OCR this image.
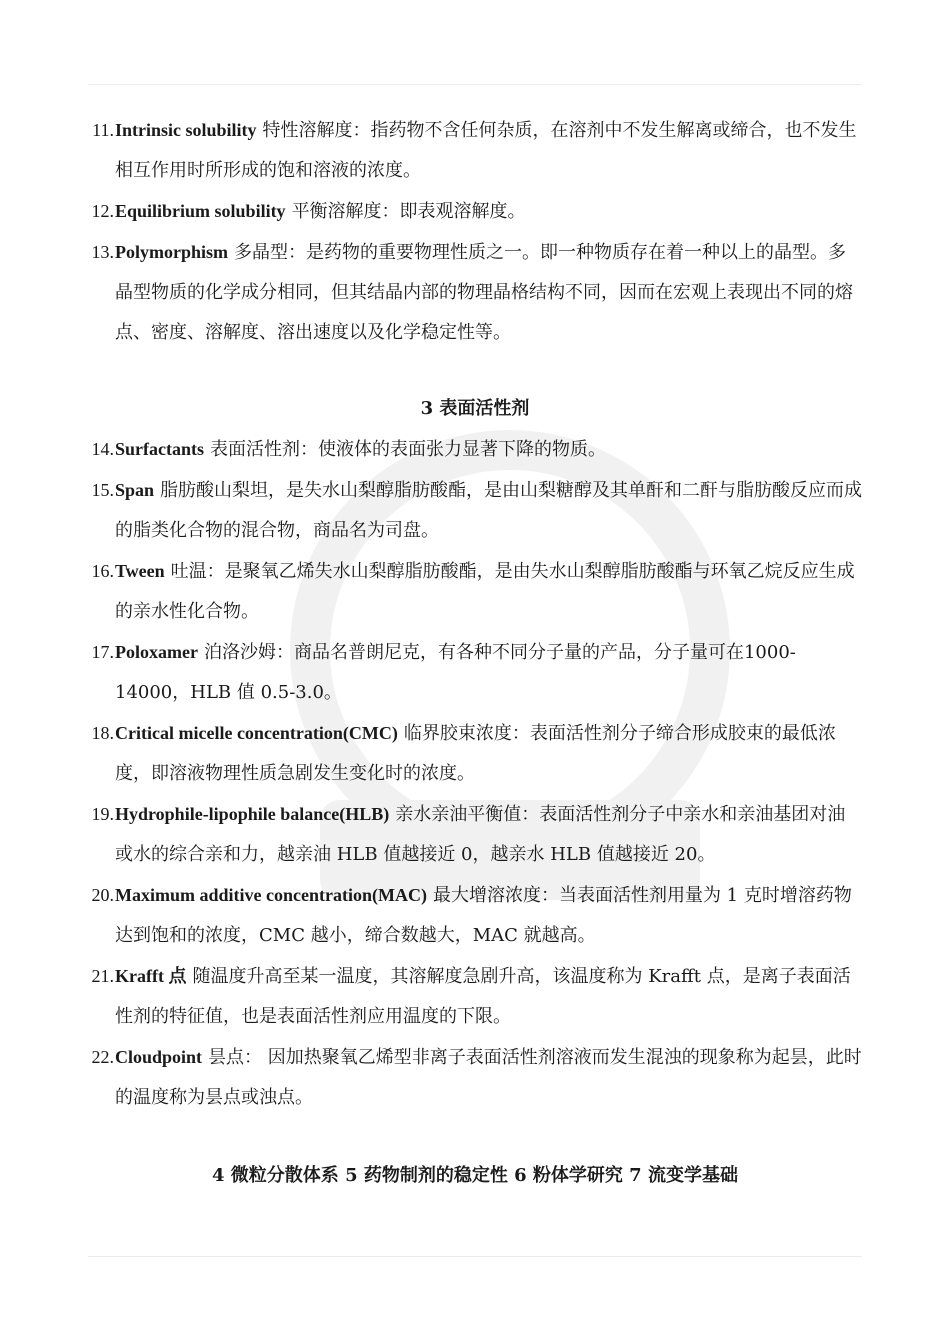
11. Intrinsic solubility 特性溶解度：指药物不含任何杂质，在溶剂中不发生解离或缔合，也不发生相互作用时所形成的饱和溶液的浓度。
12. Equilibrium solubility 平衡溶解度：即表观溶解度。
13. Polymorphism 多晶型：是药物的重要物理性质之一。即一种物质存在着一种以上的晶型。多晶型物质的化学成分相同，但其结晶内部的物理晶格结构不同，因而在宏观上表现出不同的熔点、密度、溶解度、溶出速度以及化学稳定性等。
3 表面活性剂
14. Surfactants 表面活性剂：使液体的表面张力显著下降的物质。
15. Span 脂肪酸山梨坦，是失水山梨醇脂肪酸酯，是由山梨糖醇及其单酐和二酐与脂肪酸反应而成的脂类化合物的混合物，商品名为司盘。
16. Tween 吐温：是聚氧乙烯失水山梨醇脂肪酸酯，是由失水山梨醇脂肪酸酯与环氧乙烷反应生成的亲水性化合物。
17. Poloxamer 泊洛沙姆：商品名普朗尼克，有各种不同分子量的产品，分子量可在1000-14000，HLB 值 0.5-3.0。
18. Critical micelle concentration(CMC) 临界胶束浓度：表面活性剂分子缔合形成胶束的最低浓度，即溶液物理性质急剧发生变化时的浓度。
19. Hydrophile-lipophile balance(HLB) 亲水亲油平衡值：表面活性剂分子中亲水和亲油基团对油或水的综合亲和力，越亲油 HLB 值越接近 0，越亲水 HLB 值越接近 20。
20. Maximum additive concentration(MAC) 最大增溶浓度：当表面活性剂用量为 1 克时增溶药物达到饱和的浓度，CMC 越小，缔合数越大，MAC 就越高。
21. Krafft 点 随温度升高至某一温度，其溶解度急剧升高，该温度称为 Krafft 点，是离子表面活性剂的特征值，也是表面活性剂应用温度的下限。
22. Cloudpoint 昙点： 因加热聚氧乙烯型非离子表面活性剂溶液而发生混浊的现象称为起昙，此时的温度称为昙点或浊点。
4 微粒分散体系 5 药物制剂的稳定性 6 粉体学研究 7 流变学基础
